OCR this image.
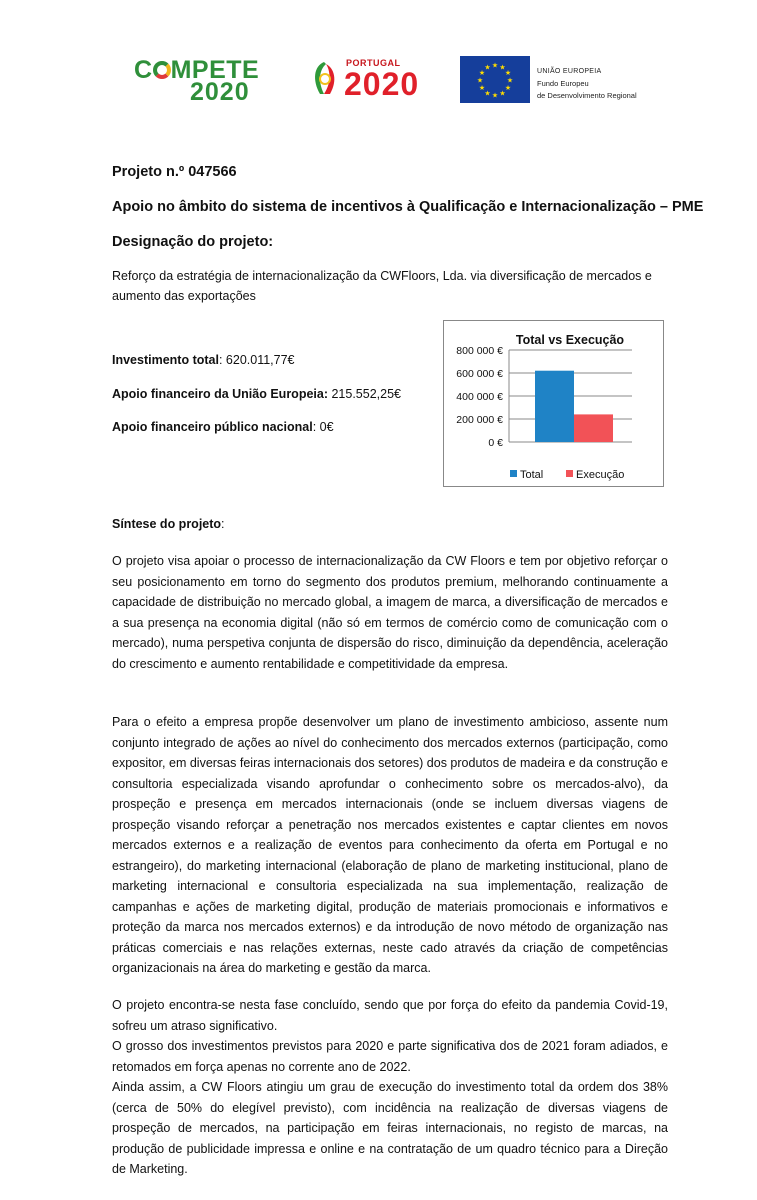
C MPETE
2020
PORTUGAL
2020	★
★
★
★
★
★
★
★
★ ★ ★
★	UNIÃO EUROPEIA
Fundo Europeu
de Desenvolvimento Regional
Projeto n.º 047566
Apoio no âmbito do sistema de incentivos à Qualificação e Internacionalização – PME
Designação do projeto:
Reforço da estratégia de internacionalização da CWFloors, Lda. via diversificação de mercados e aumento das exportações
Investimento total: 620.011,77€
Apoio financeiro da União Europeia: 215.552,25€
Apoio financeiro público nacional: 0€
Total vs Execução
0 €
200 000 €
400 000 €
600 000 €
800 000 €
Total	Execução
Síntese do projeto:
O projeto visa apoiar o processo de internacionalização da CW Floors e tem por objetivo reforçar o seu posicionamento em torno do segmento dos produtos premium, melhorando continuamente a capacidade de distribuição no mercado global, a imagem de marca, a diversificação de mercados e a sua presença na economia digital (não só em termos de comércio como de comunicação com o mercado), numa perspetiva conjunta de dispersão do risco, diminuição da dependência, aceleração do crescimento e aumento rentabilidade e competitividade da empresa.
Para o efeito a empresa propõe desenvolver um plano de investimento ambicioso, assente num conjunto integrado de ações ao nível do conhecimento dos mercados externos (participação, como expositor, em diversas feiras internacionais dos setores) dos produtos de madeira e da construção e consultoria especializada visando aprofundar o conhecimento sobre os mercados-alvo), da prospeção e presença em mercados internacionais (onde se incluem diversas viagens de prospeção visando reforçar a penetração nos mercados existentes e captar clientes em novos mercados externos e a realização de eventos para conhecimento da oferta em Portugal e no estrangeiro), do marketing internacional (elaboração de plano de marketing institucional, plano de marketing internacional e consultoria especializada na sua implementação, realização de campanhas e ações de marketing digital, produção de materiais promocionais e informativos e proteção da marca nos mercados externos) e da introdução de novo método de organização nas práticas comerciais e nas relações externas, neste cado através da criação de competências organizacionais na área do marketing e gestão da marca.
O projeto encontra-se nesta fase concluído, sendo que por força do efeito da pandemia Covid-19, sofreu um atraso significativo.
O grosso dos investimentos previstos para 2020 e parte significativa dos de 2021 foram adiados, e retomados em força apenas no corrente ano de 2022.
Ainda assim, a CW Floors atingiu um grau de execução do investimento total da ordem dos 38% (cerca de 50% do elegível previsto), com incidência na realização de diversas viagens de prospeção de mercados, na participação em feiras internacionais, no registo de marcas, na produção de publicidade impressa e online e na contratação de um quadro técnico para a Direção de Marketing.
